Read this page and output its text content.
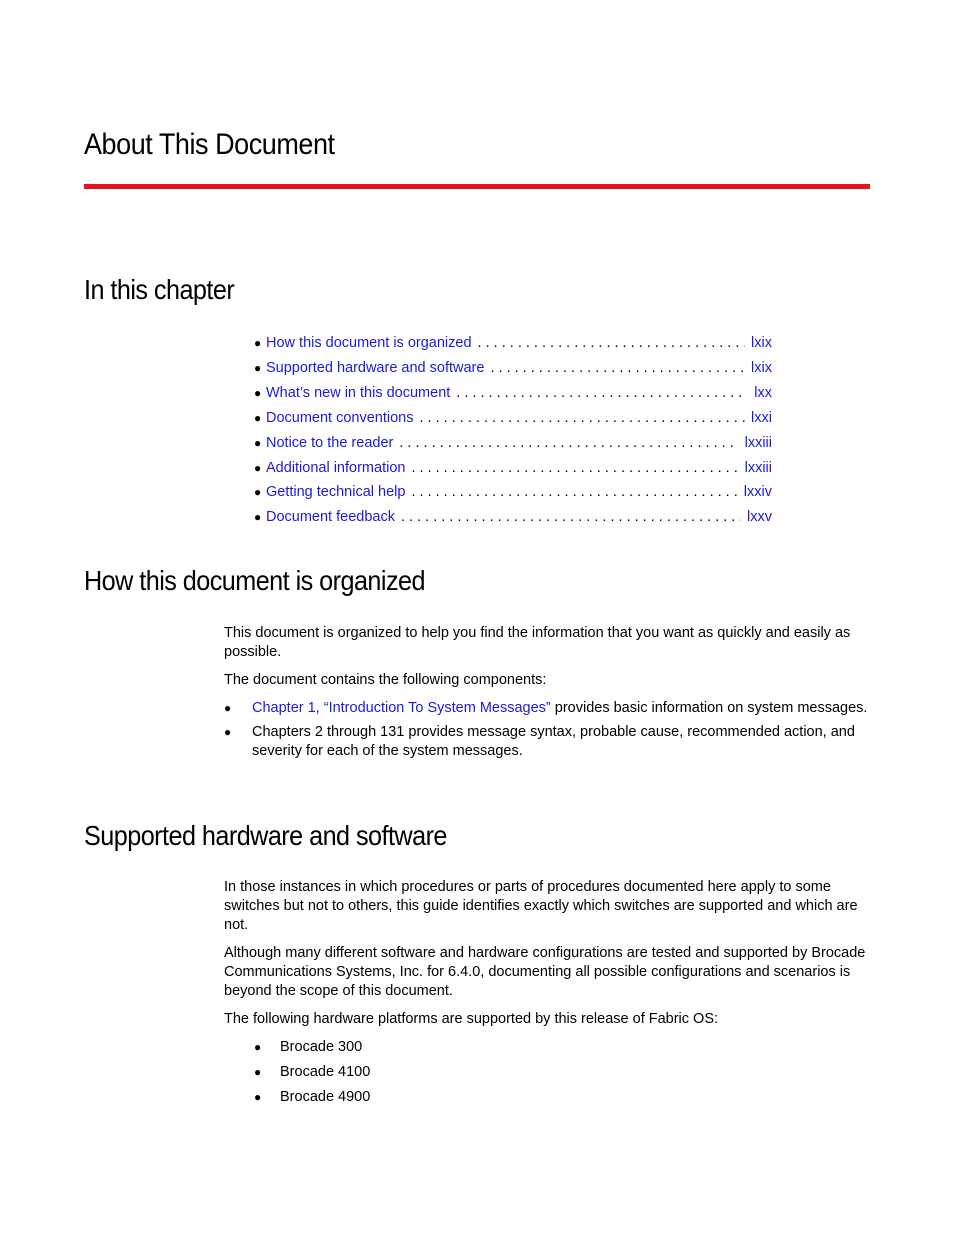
About This Document
In this chapter
● How this document is organized . . .	lxix
● Supported hardware and software . . .	lxix
● What’s new in this document . . .	lxx
● Document conventions . . .	lxxi
● Notice to the reader . . .	lxxiii
● Additional information . . .	lxxiii
● Getting technical help . . .	lxxiv
● Document feedback . . .	lxxv
How this document is organized

This document is organized to help you find the information that you want as quickly and easily as possible.

The document contains the following components:

● Chapter 1, “Introduction To System Messages” provides basic information on system messages.
● Chapters 2 through 131 provides message syntax, probable cause, recommended action, and severity for each of the system messages.
Supported hardware and software

In those instances in which procedures or parts of procedures documented here apply to some switches but not to others, this guide identifies exactly which switches are supported and which are not.

Although many different software and hardware configurations are tested and supported by Brocade Communications Systems, Inc. for 6.4.0, documenting all possible configurations and scenarios is beyond the scope of this document.

The following hardware platforms are supported by this release of Fabric OS:

● Brocade 300
● Brocade 4100
● Brocade 4900
